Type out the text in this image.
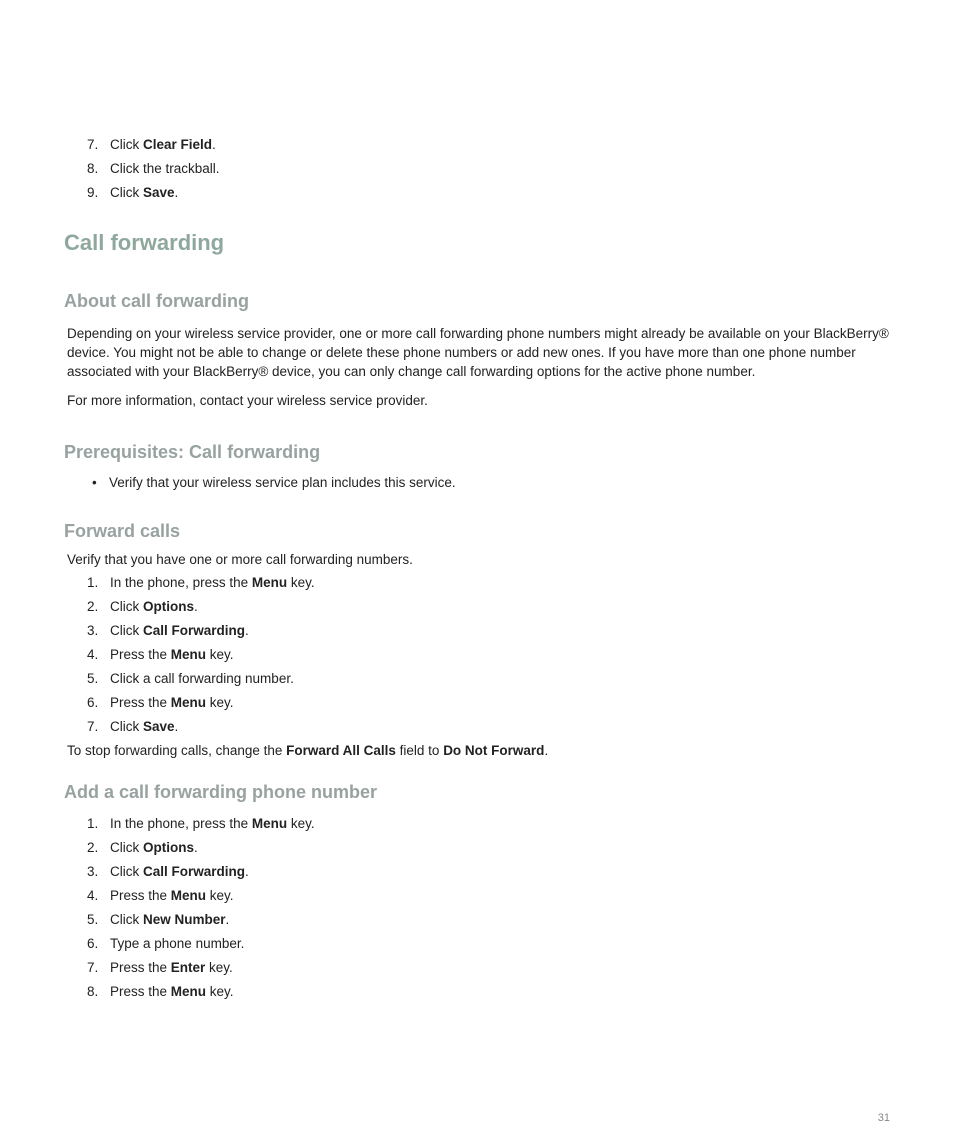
7. Click Clear Field.
8. Click the trackball.
9. Click Save.
Call forwarding
About call forwarding

Depending on your wireless service provider, one or more call forwarding phone numbers might already be available on your BlackBerry® device. You might not be able to change or delete these phone numbers or add new ones. If you have more than one phone number associated with your BlackBerry® device, you can only change call forwarding options for the active phone number.

For more information, contact your wireless service provider.

Prerequisites: Call forwarding
• Verify that your wireless service plan includes this service.
Forward calls

Verify that you have one or more call forwarding numbers.

1. In the phone, press the Menu key.
2. Click Options.
3. Click Call Forwarding.
4. Press the Menu key.
5. Click a call forwarding number.
6. Press the Menu key.
7. Click Save.

To stop forwarding calls, change the Forward All Calls field to Do Not Forward.

Add a call forwarding phone number
1. In the phone, press the Menu key.
2. Click Options.
3. Click Call Forwarding.
4. Press the Menu key.
5. Click New Number.
6. Type a phone number.
7. Press the Enter key.
8. Press the Menu key.
31
